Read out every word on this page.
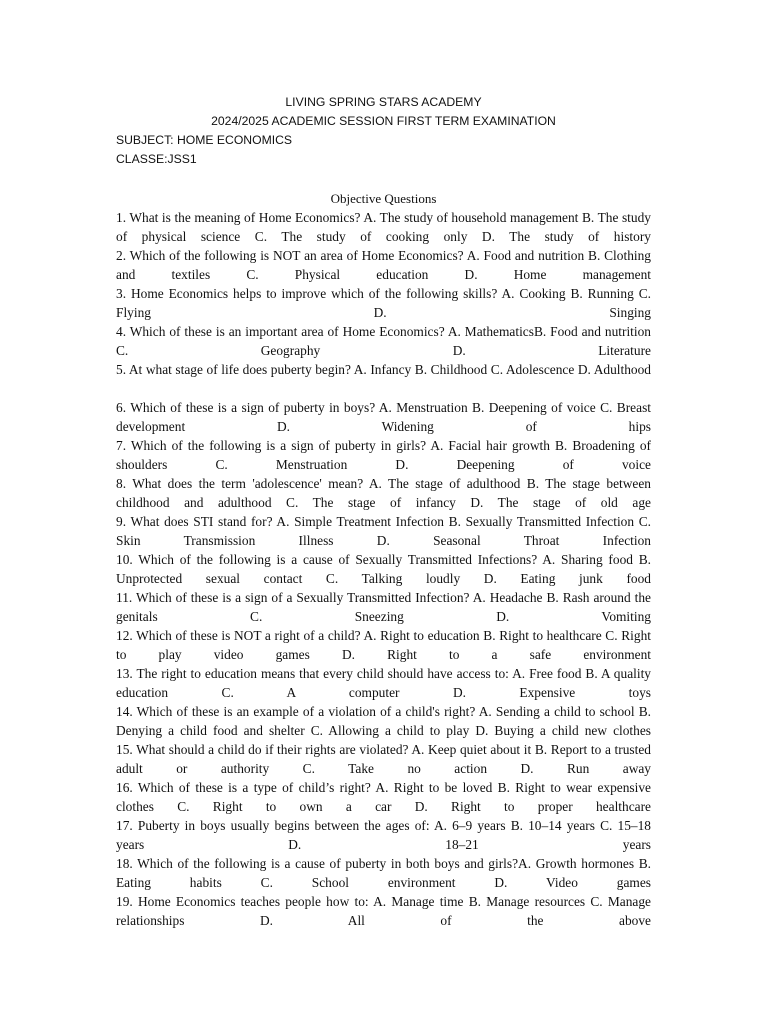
LIVING SPRING STARS ACADEMY
2024/2025 ACADEMIC SESSION FIRST TERM EXAMINATION
SUBJECT: HOME ECONOMICS
CLASSE:JSS1
Objective Questions
1. What is the meaning of Home Economics? A. The study of household management B. The study of physical science C. The study of cooking only D. The study of history
2. Which of the following is NOT an area of Home Economics? A. Food and nutrition B. Clothing and textiles C. Physical education D. Home management
3. Home Economics helps to improve which of the following skills? A. Cooking B. Running C. Flying D. Singing
4. Which of these is an important area of Home Economics? A. MathematicsB. Food and nutrition C. Geography D. Literature
5. At what stage of life does puberty begin? A. Infancy B. Childhood C. Adolescence D. Adulthood
6. Which of these is a sign of puberty in boys? A. Menstruation B. Deepening of voice C. Breast development D. Widening of hips
7. Which of the following is a sign of puberty in girls? A. Facial hair growth B. Broadening of shoulders C. Menstruation D. Deepening of voice
8. What does the term 'adolescence' mean? A. The stage of adulthood B. The stage between childhood and adulthood C. The stage of infancy D. The stage of old age
9. What does STI stand for? A. Simple Treatment Infection B. Sexually Transmitted Infection C. Skin Transmission Illness D. Seasonal Throat Infection
10. Which of the following is a cause of Sexually Transmitted Infections? A. Sharing food B. Unprotected sexual contact C. Talking loudly D. Eating junk food
11. Which of these is a sign of a Sexually Transmitted Infection? A. Headache B. Rash around the genitals C. Sneezing D. Vomiting
12. Which of these is NOT a right of a child? A. Right to education B. Right to healthcare C. Right to play video games D. Right to a safe environment
13. The right to education means that every child should have access to: A. Free food B. A quality education C. A computer D. Expensive toys
14. Which of these is an example of a violation of a child's right? A. Sending a child to school B. Denying a child food and shelter C. Allowing a child to play D. Buying a child new clothes
15. What should a child do if their rights are violated? A. Keep quiet about it B. Report to a trusted adult or authority C. Take no action D. Run away
16. Which of these is a type of child’s right? A. Right to be loved B. Right to wear expensive clothes C. Right to own a car D. Right to proper healthcare
17. Puberty in boys usually begins between the ages of: A. 6–9 years B. 10–14 years C. 15–18 years D. 18–21 years
18. Which of the following is a cause of puberty in both boys and girls?A. Growth hormones B. Eating habits C. School environment D. Video games
19. Home Economics teaches people how to: A. Manage time B. Manage resources C. Manage relationships D. All of the above
